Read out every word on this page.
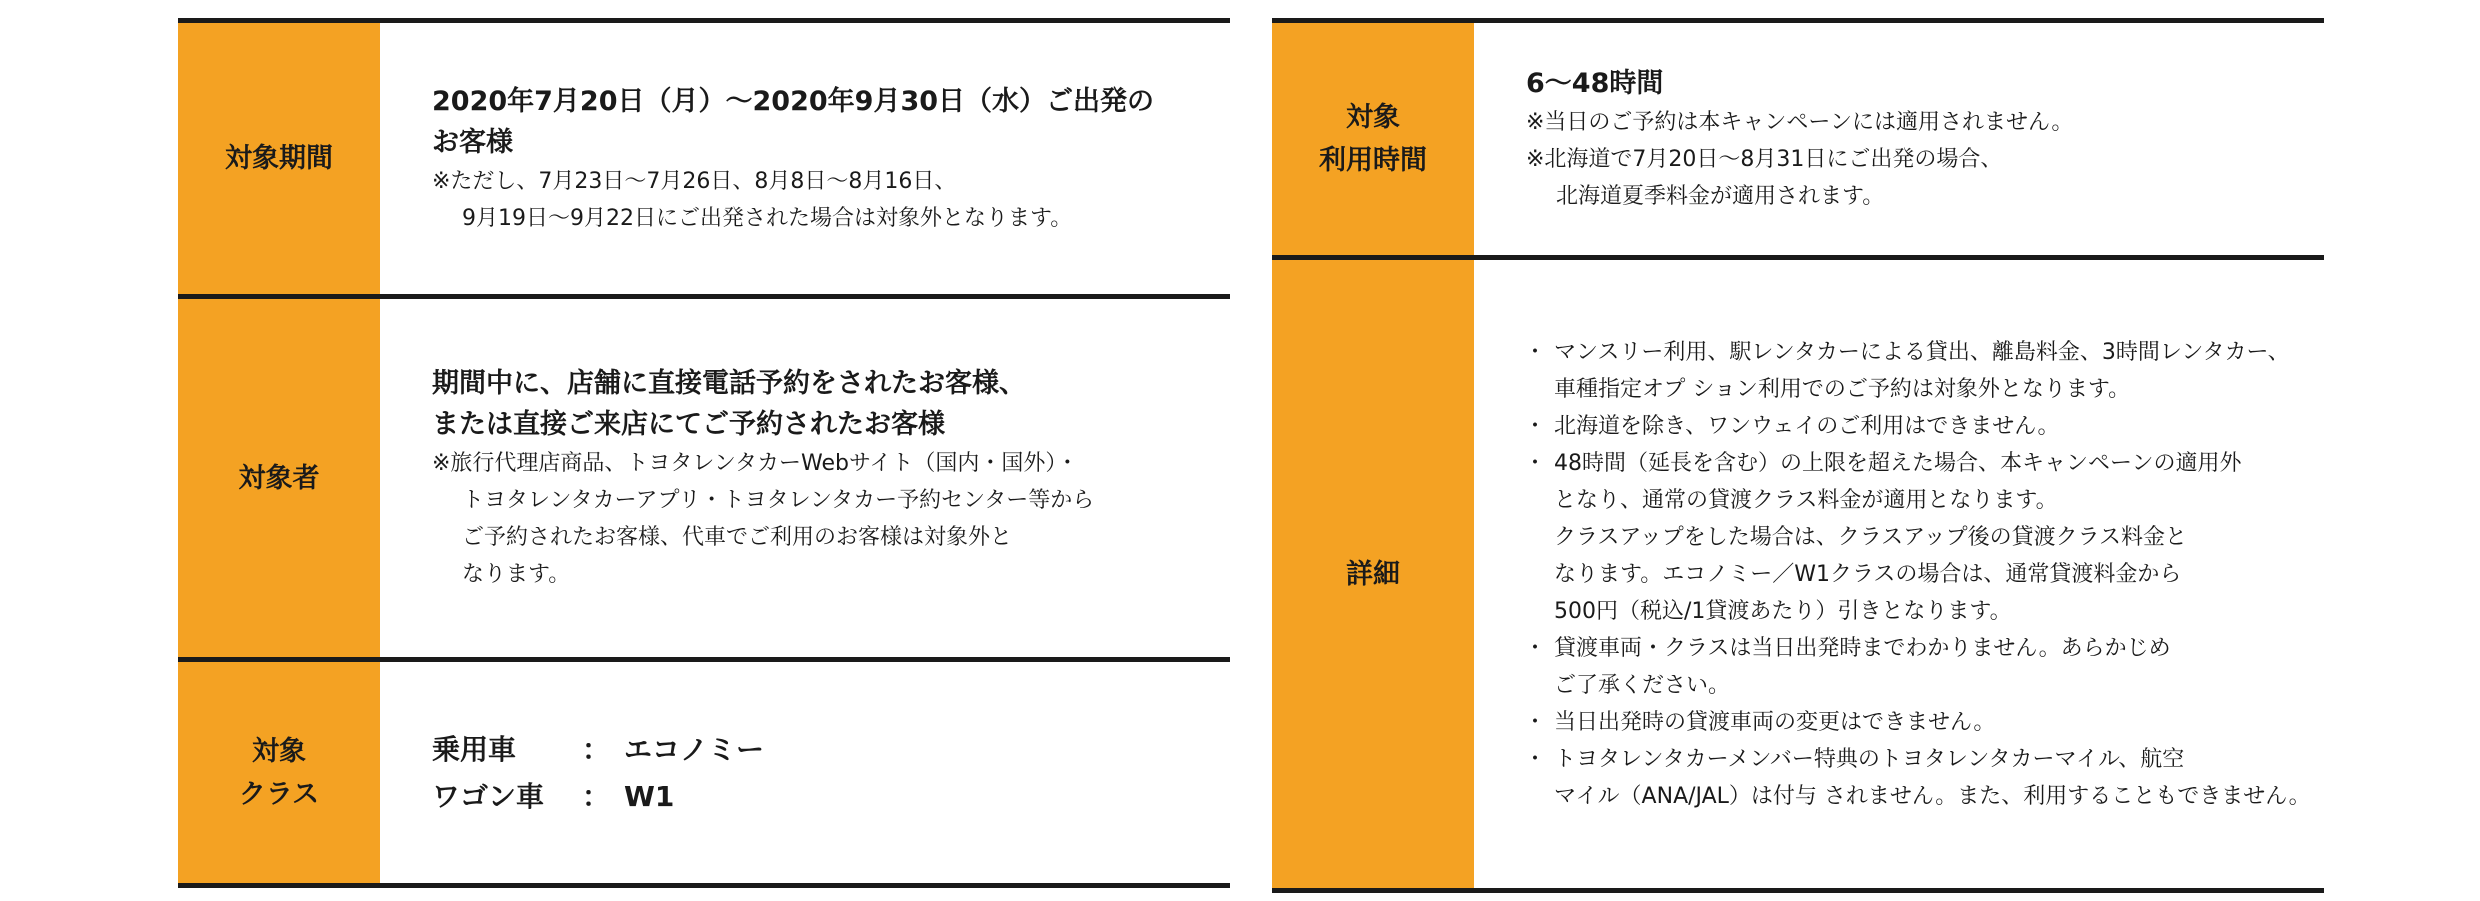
対象期間

2020年7月20日（月）～2020年9月30日（水）ご出発の

お客様

※ただし、7月23日～7月26日、8月8日～8月16日、

9月19日～9月22日にご出発された場合は対象外となります。

対象者

期間中に、店舗に直接電話予約をされたお客様、

または直接ご来店にてご予約されたお客様

※旅行代理店商品、トヨタレンタカーWebサイト（国内・国外）・

トヨタレンタカーアプリ・トヨタレンタカー予約センター等から

ご予約されたお客様、代車でご利用のお客様は対象外と

なります。

対象
クラス
乗用車	： エコノミー
ワゴン車	： W1
対象
利用時間

6～48時間

※当日のご予約は本キャンペーンには適用されません。

※北海道で7月20日～8月31日にご出発の場合、

北海道夏季料金が適用されます。

詳細

・ マンスリー利用、駅レンタカーによる貸出、離島料金、3時間レンタカー、

車種指定オプ ション利用でのご予約は対象外となります。

・ 北海道を除き、ワンウェイのご利用はできません。

・ 48時間（延長を含む）の上限を超えた場合、本キャンペーンの適用外

となり、通常の貸渡クラス料金が適用となります。

クラスアップをした場合は、クラスアップ後の貸渡クラス料金と

なります。エコノミー／W1クラスの場合は、通常貸渡料金から

500円（税込/1貸渡あたり）引きとなります。

・ 貸渡車両・クラスは当日出発時までわかりません。あらかじめ

ご了承ください。

・ 当日出発時の貸渡車両の変更はできません。

・ トヨタレンタカーメンバー特典のトヨタレンタカーマイル、航空

マイル（ANA/JAL）は付与 されません。また、利用することもできません。
